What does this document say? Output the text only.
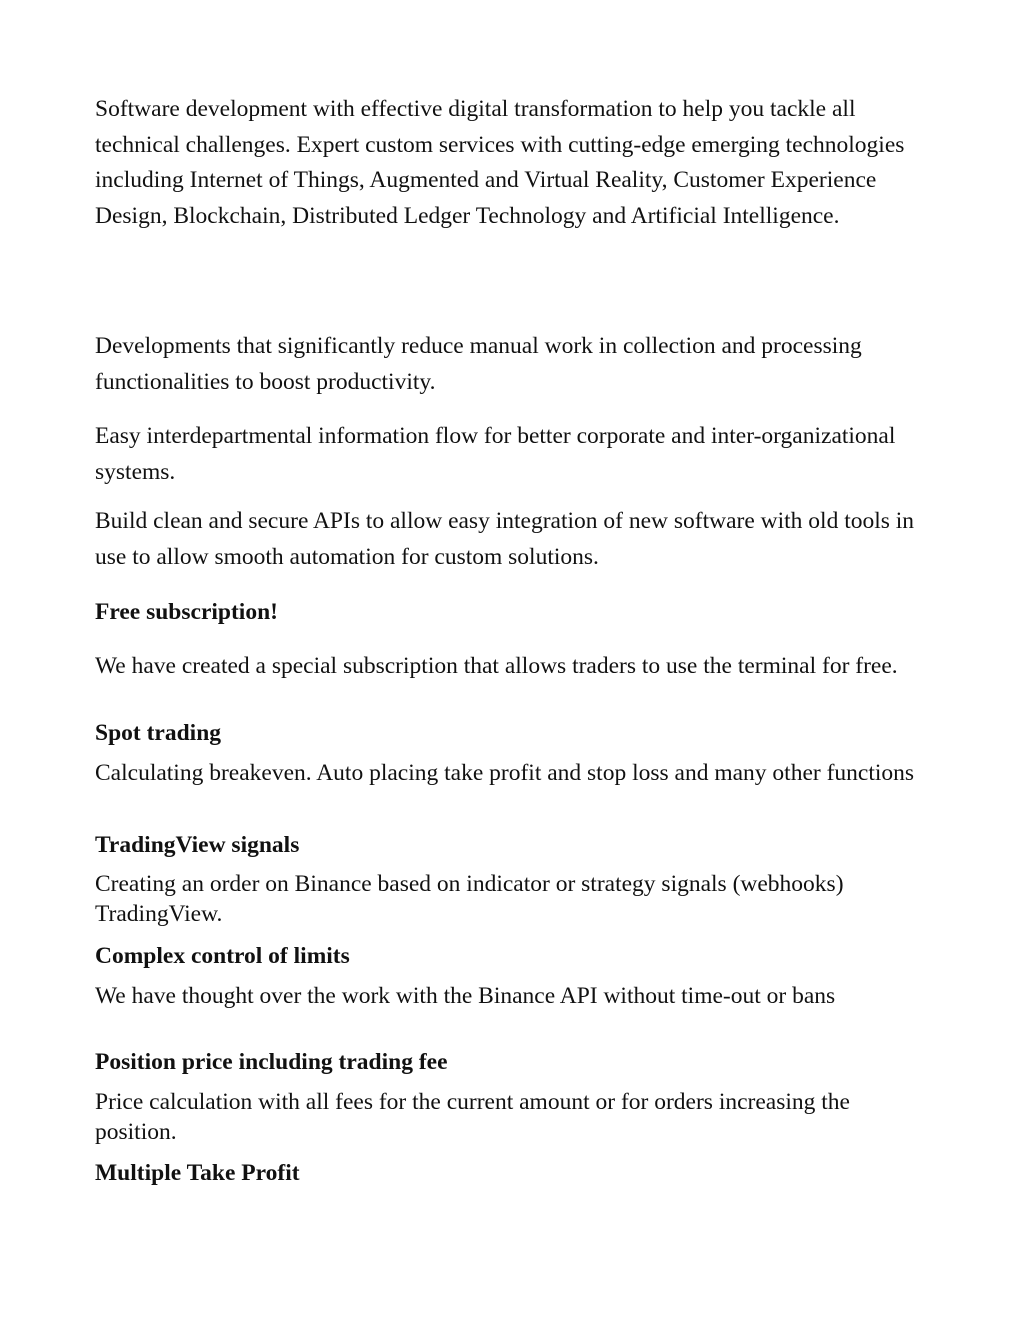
Software development with effective digital transformation to help you tackle all technical challenges. Expert custom services with cutting-edge emerging technologies including Internet of Things, Augmented and Virtual Reality, Customer Experience Design, Blockchain, Distributed Ledger Technology and Artificial Intelligence.

Developments that significantly reduce manual work in collection and processing functionalities to boost productivity.

Easy interdepartmental information flow for better corporate and inter-organizational systems.

Build clean and secure APIs to allow easy integration of new software with old tools in use to allow smooth automation for custom solutions.

Free subscription!

We have created a special subscription that allows traders to use the terminal for free.

Spot trading

Calculating breakeven. Auto placing take profit and stop loss and many other functions

TradingView signals

Creating an order on Binance based on indicator or strategy signals (webhooks) TradingView.

Complex control of limits

We have thought over the work with the Binance API without time-out or bans

Position price including trading fee

Price calculation with all fees for the current amount or for orders increasing the position.

Multiple Take Profit
